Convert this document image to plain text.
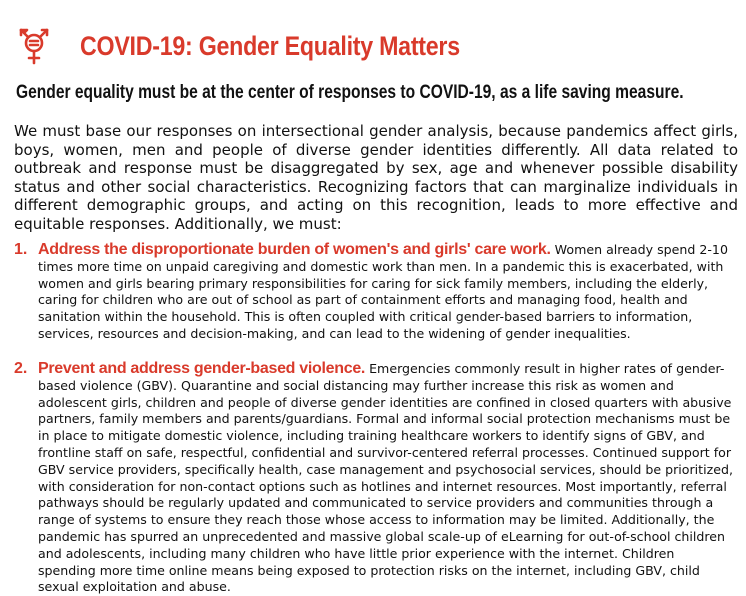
COVID-19: Gender Equality Matters
Gender equality must be at the center of responses to COVID-19, as a life saving measure.
We must base our responses on intersectional gender analysis, because pandemics affect girls, boys, women, men and people of diverse gender identities differently. All data related to outbreak and response must be disaggregated by sex, age and whenever possible disability status and other social characteristics. Recognizing factors that can marginalize individuals in different demographic groups, and acting on this recognition, leads to more effective and equitable responses. Additionally, we must:
1. Address the disproportionate burden of women's and girls' care work. Women already spend 2-10 times more time on unpaid caregiving and domestic work than men. In a pandemic this is exacerbated, with women and girls bearing primary responsibilities for caring for sick family members, including the elderly, caring for children who are out of school as part of containment efforts and managing food, health and sanitation within the household. This is often coupled with critical gender-based barriers to information, services, resources and decision-making, and can lead to the widening of gender inequalities.
2. Prevent and address gender-based violence. Emergencies commonly result in higher rates of gender-based violence (GBV). Quarantine and social distancing may further increase this risk as women and adolescent girls, children and people of diverse gender identities are confined in closed quarters with abusive partners, family members and parents/guardians. Formal and informal social protection mechanisms must be in place to mitigate domestic violence, including training healthcare workers to identify signs of GBV, and frontline staff on safe, respectful, confidential and survivor-centered referral processes. Continued support for GBV service providers, specifically health, case management and psychosocial services, should be prioritized, with consideration for non-contact options such as hotlines and internet resources. Most importantly, referral pathways should be regularly updated and communicated to service providers and communities through a range of systems to ensure they reach those whose access to information may be limited. Additionally, the pandemic has spurred an unprecedented and massive global scale-up of eLearning for out-of-school children and adolescents, including many children who have little prior experience with the internet. Children spending more time online means being exposed to protection risks on the internet, including GBV, child sexual exploitation and abuse.
